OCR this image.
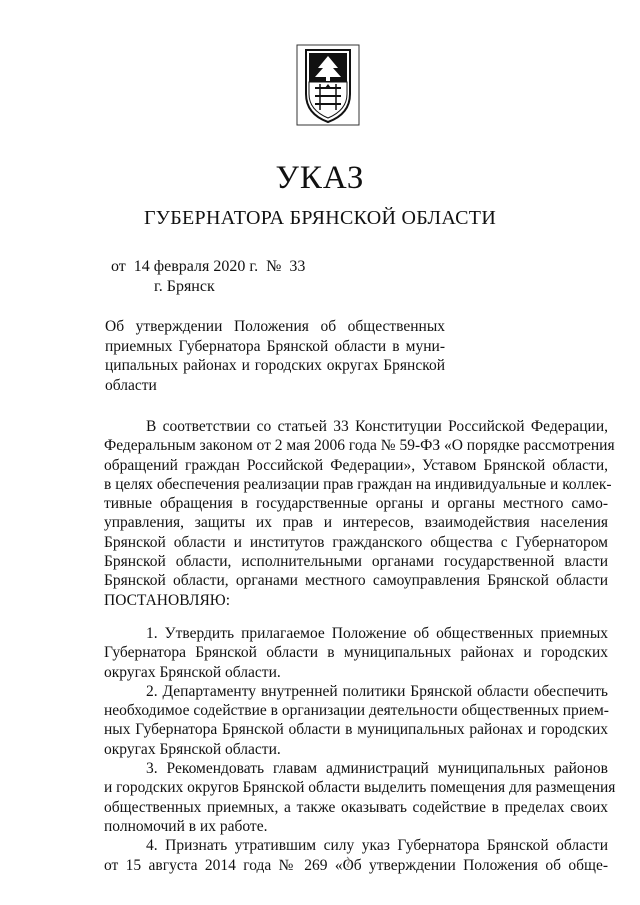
УКАЗ
ГУБЕРНАТОРА БРЯНСКОЙ ОБЛАСТИ
от  14 февраля 2020 г.  №  33
г. Брянск
Об утверждении Положения об общественных
приемных Губернатора Брянской области в муни-
ципальных районах и городских округах Брянской
области
В соответствии со статьей 33 Конституции Российской Федерации,
Федеральным законом от 2 мая 2006 года № 59-ФЗ «О порядке рассмотрения
обращений граждан Российской Федерации», Уставом Брянской области,
в целях обеспечения реализации прав граждан на индивидуальные и коллек-
тивные обращения в государственные органы и органы местного само-
управления, защиты их прав и интересов, взаимодействия населения
Брянской области и институтов гражданского общества с Губернатором
Брянской области, исполнительными органами государственной власти
Брянской области, органами местного самоуправления Брянской области
ПОСТАНОВЛЯЮ:
1. Утвердить прилагаемое Положение об общественных приемных
Губернатора Брянской области в муниципальных районах и городских
округах Брянской области.
2. Департаменту внутренней политики Брянской области обеспечить
необходимое содействие в организации деятельности общественных прием-
ных Губернатора Брянской области в муниципальных районах и городских
округах Брянской области.
3. Рекомендовать главам администраций муниципальных районов
и городских округов Брянской области выделить помещения для размещения
общественных приемных, а также оказывать содействие в пределах своих
полномочий в их работе.
4. Признать утратившим силу указ Губернатора Брянской области
от 15 августа 2014 года № 269 «Об утверждении Положения об обще-
